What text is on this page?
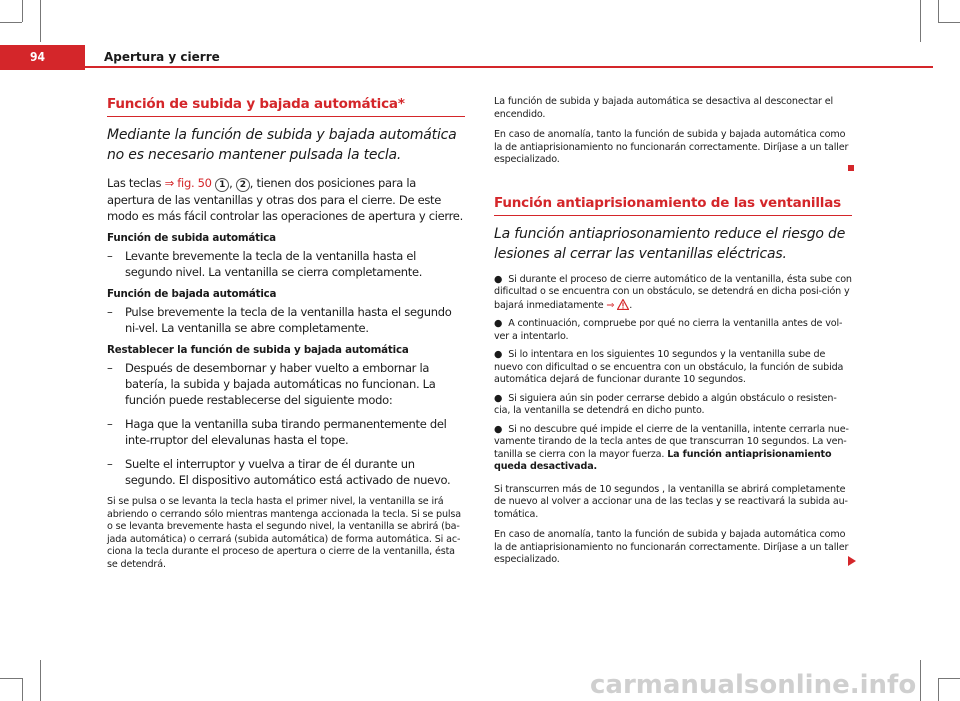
94	Apertura y cierre
Función de subida y bajada automática*
Mediante la función de subida y bajada automática no es necesario mantener pulsada la tecla.
Las teclas ⇒ fig. 50 1 , 2 , tienen dos posiciones para la apertura de las ventanillas y otras dos para el cierre. De este modo es más fácil controlar las operaciones de apertura y cierre.
Función de subida automática
– Levante brevemente la tecla de la ventanilla hasta el segundo nivel. La ventanilla se cierra completamente.
Función de bajada automática
– Pulse brevemente la tecla de la ventanilla hasta el segundo ni-vel. La ventanilla se abre completamente.
Restablecer la función de subida y bajada automática
– Después de desembornar y haber vuelto a embornar la batería, la subida y bajada automáticas no funcionan. La función puede restablecerse del siguiente modo:
– Haga que la ventanilla suba tirando permanentemente del inte-rruptor del elevalunas hasta el tope.
– Suelte el interruptor y vuelva a tirar de él durante un segundo. El dispositivo automático está activado de nuevo.
Si se pulsa o se levanta la tecla hasta el primer nivel, la ventanilla se irá abriendo o cerrando sólo mientras mantenga accionada la tecla. Si se pulsa o se levanta brevemente hasta el segundo nivel, la ventanilla se abrirá (ba-jada automática) o cerrará (subida automática) de forma automática. Si ac-ciona la tecla durante el proceso de apertura o cierre de la ventanilla, ésta se detendrá.
La función de subida y bajada automática se desactiva al desconectar el encendido.
En caso de anomalía, tanto la función de subida y bajada automática como la de antiaprisionamiento no funcionarán correctamente. Diríjase a un taller especializado.
Función antiaprisionamiento de las ventanillas
La función antiapriosonamiento reduce el riesgo de lesiones al cerrar las ventanillas eléctricas.
● Si durante el proceso de cierre automático de la ventanilla, ésta sube con dificultad o se encuentra con un obstáculo, se detendrá en dicha posi-ción y bajará inmediatamente ⇒ .
● A continuación, compruebe por qué no cierra la ventanilla antes de vol-ver a intentarlo.
● Si lo intentara en los siguientes 10 segundos y la ventanilla sube de nuevo con dificultad o se encuentra con un obstáculo, la función de subida automática dejará de funcionar durante 10 segundos.
● Si siguiera aún sin poder cerrarse debido a algún obstáculo o resisten-cia, la ventanilla se detendrá en dicho punto.
● Si no descubre qué impide el cierre de la ventanilla, intente cerrarla nue-vamente tirando de la tecla antes de que transcurran 10 segundos. La ven-tanilla se cierra con la mayor fuerza. La función antiaprisionamiento queda desactivada.
Si transcurren más de 10 segundos , la ventanilla se abrirá completamente de nuevo al volver a accionar una de las teclas y se reactivará la subida au-tomática.
En caso de anomalía, tanto la función de subida y bajada automática como la de antiaprisionamiento no funcionarán correctamente. Diríjase a un taller especializado.
carmanualsonline.info
